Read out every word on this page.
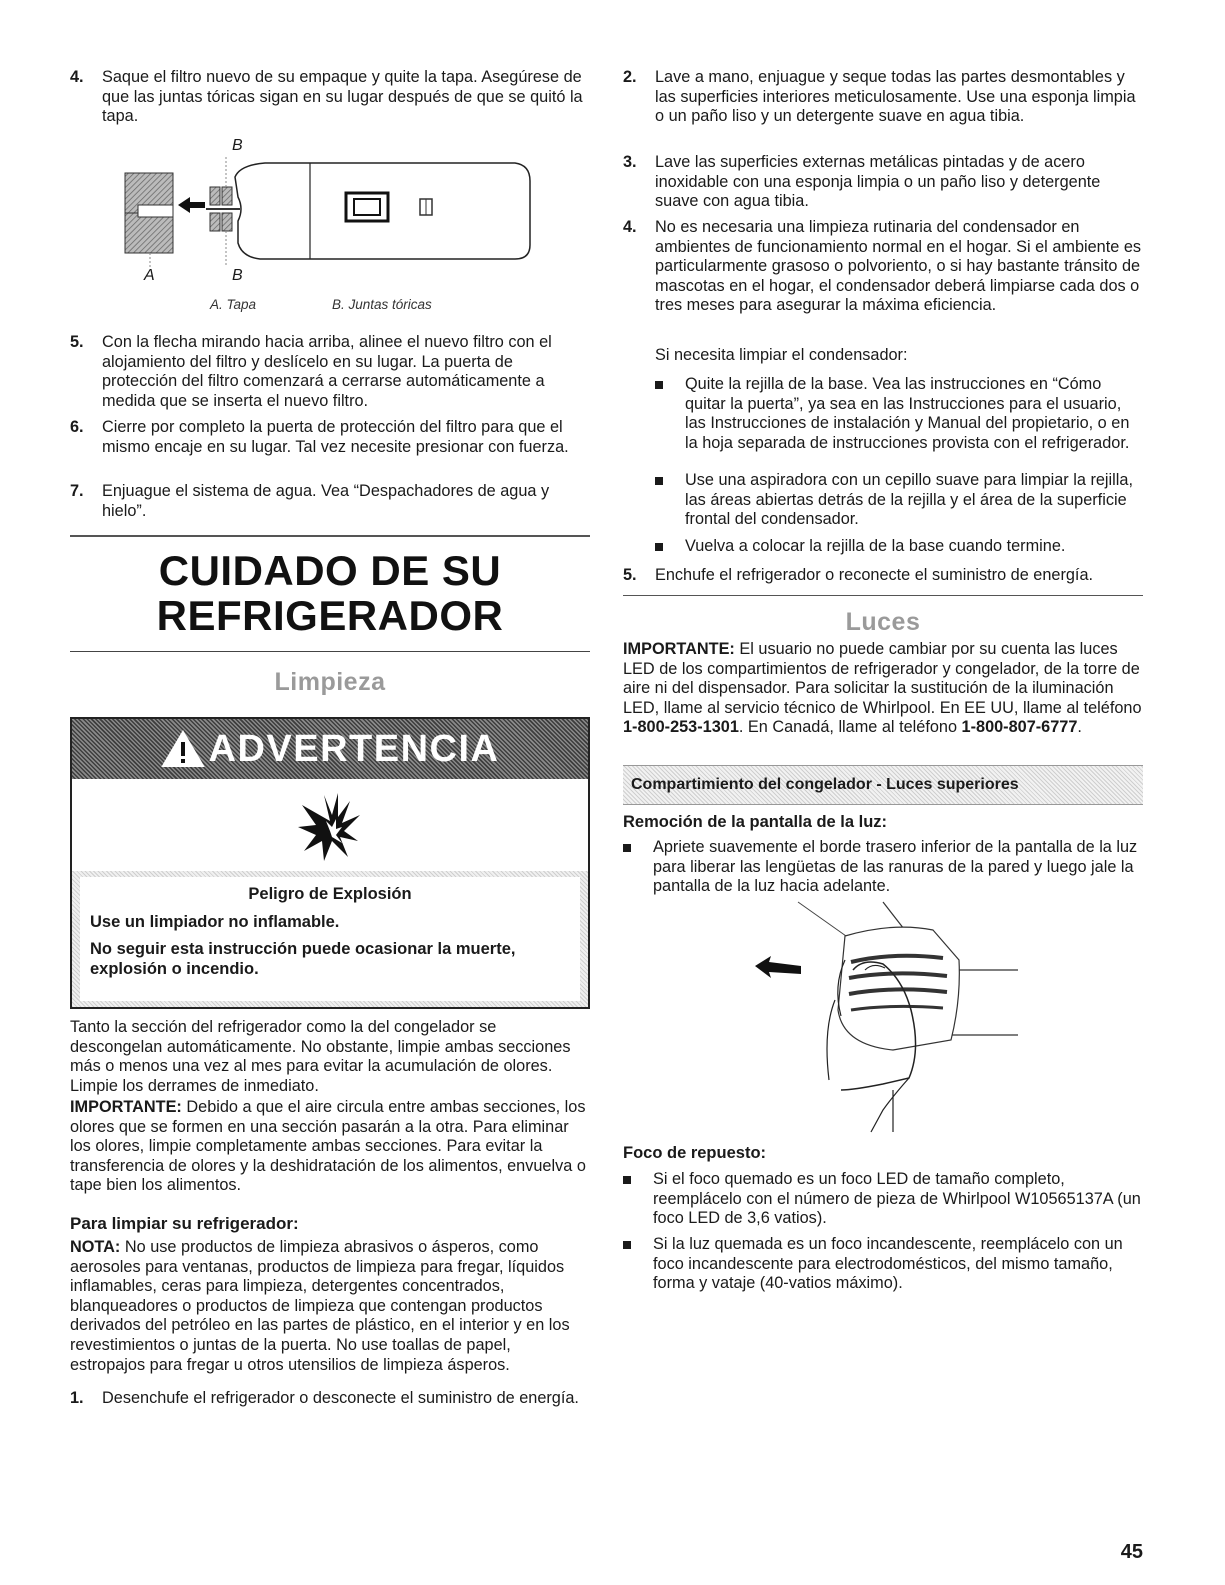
4.	Saque el filtro nuevo de su empaque y quite la tapa. Asegúrese de que las juntas tóricas sigan en su lugar después de que se quitó la tapa.
B
A	B
A. Tapa	B. Juntas tóricas
5.	Con la flecha mirando hacia arriba, alinee el nuevo filtro con el alojamiento del filtro y deslícelo en su lugar. La puerta de protección del filtro comenzará a cerrarse automáticamente a medida que se inserta el nuevo filtro.
6.	Cierre por completo la puerta de protección del filtro para que el mismo encaje en su lugar. Tal vez necesite presionar con fuerza.
7.	Enjuague el sistema de agua. Vea “Despachadores de agua y hielo”.
CUIDADO DE SU
REFRIGERADOR
Limpieza
ADVERTENCIA
Peligro de Explosión
Use un limpiador no inflamable.
No seguir esta instrucción puede ocasionar la muerte, explosión o incendio.

Tanto la sección del refrigerador como la del congelador se descongelan automáticamente. No obstante, limpie ambas secciones más o menos una vez al mes para evitar la acumulación de olores. Limpie los derrames de inmediato.

IMPORTANTE: Debido a que el aire circula entre ambas secciones, los olores que se formen en una sección pasarán a la otra. Para eliminar los olores, limpie completamente ambas secciones. Para evitar la transferencia de olores y la deshidratación de los alimentos, envuelva o tape bien los alimentos.

Para limpiar su refrigerador:

NOTA: No use productos de limpieza abrasivos o ásperos, como aerosoles para ventanas, productos de limpieza para fregar, líquidos inflamables, ceras para limpieza, detergentes concentrados, blanqueadores o productos de limpieza que contengan productos derivados del petróleo en las partes de plástico, en el interior y en los revestimientos o juntas de la puerta. No use toallas de papel, estropajos para fregar u otros utensilios de limpieza ásperos.

1.	Desenchufe el refrigerador o desconecte el suministro de energía.
2.	Lave a mano, enjuague y seque todas las partes desmontables y las superficies interiores meticulosamente. Use una esponja limpia o un paño liso y un detergente suave en agua tibia.
3.	Lave las superficies externas metálicas pintadas y de acero inoxidable con una esponja limpia o un paño liso y detergente suave con agua tibia.
4.	No es necesaria una limpieza rutinaria del condensador en ambientes de funcionamiento normal en el hogar. Si el ambiente es particularmente grasoso o polvoriento, o si hay bastante tránsito de mascotas en el hogar, el condensador deberá limpiarse cada dos o tres meses para asegurar la máxima eficiencia.

Si necesita limpiar el condensador:

Quite la rejilla de la base. Vea las instrucciones en “Cómo quitar la puerta”, ya sea en las Instrucciones para el usuario, las Instrucciones de instalación y Manual del propietario, o en la hoja separada de instrucciones provista con el refrigerador.
Use una aspiradora con un cepillo suave para limpiar la rejilla, las áreas abiertas detrás de la rejilla y el área de la superficie frontal del condensador.
Vuelva a colocar la rejilla de la base cuando termine.
5.	Enchufe el refrigerador o reconecte el suministro de energía.
Luces

IMPORTANTE: El usuario no puede cambiar por su cuenta las luces LED de los compartimientos de refrigerador y congelador, de la torre de aire ni del dispensador. Para solicitar la sustitución de la iluminación LED, llame al servicio técnico de Whirlpool. En EE UU, llame al teléfono 1-800-253-1301. En Canadá, llame al teléfono 1-800-807-6777.

Compartimiento del congelador - Luces superiores
Remoción de la pantalla de la luz:
Apriete suavemente el borde trasero inferior de la pantalla de la luz para liberar las lengüetas de las ranuras de la pared y luego jale la pantalla de la luz hacia adelante.
Foco de repuesto:
Si el foco quemado es un foco LED de tamaño completo, reemplácelo con el número de pieza de Whirlpool W10565137A (un foco LED de 3,6 vatios).
Si la luz quemada es un foco incandescente, reemplácelo con un foco incandescente para electrodomésticos, del mismo tamaño, forma y vataje (40-vatios máximo).
45
